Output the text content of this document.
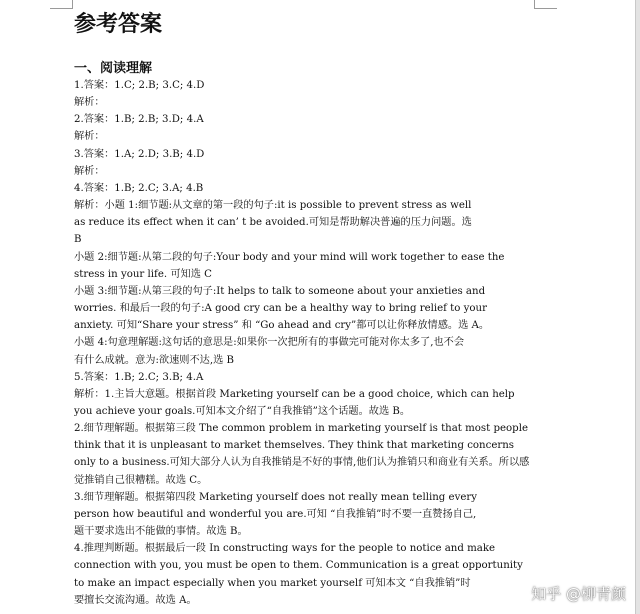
参考答案
一、阅读理解
1.答案：1.C; 2.B; 3.C; 4.D
解析：
2.答案：1.B; 2.B; 3.D; 4.A
解析：
3.答案：1.A; 2.D; 3.B; 4.D
解析：
4.答案：1.B; 2.C; 3.A; 4.B
解析：小题 1:细节题:从文章的第一段的句子:it is possible to prevent stress as well
as reduce its effect when it can’ t be avoided.可知是帮助解决普遍的压力问题。选
B
小题 2:细节题:从第二段的句子:Your body and your mind will work together to ease the
stress in your life. 可知选 C
小题 3:细节题:从第三段的句子:It helps to talk to someone about your anxieties and
worries. 和最后一段的句子:A good cry can be a healthy way to bring relief to your
anxiety. 可知“Share your stress” 和 “Go ahead and cry”都可以让你释放情感。选 A。
小题 4:句意理解题:这句话的意思是:如果你一次把所有的事做完可能对你太多了,也不会
有什么成就。意为:欲速则不达,选 B
5.答案：1.B; 2.C; 3.B; 4.A
解析：1.主旨大意题。根据首段 Marketing yourself can be a good choice, which can help
you achieve your goals.可知本文介绍了“自我推销”这个话题。故选 B。
2.细节理解题。根据第三段 The common problem in marketing yourself is that most people
think that it is unpleasant to market themselves. They think that marketing concerns
only to a business.可知大部分人认为自我推销是不好的事情,他们认为推销只和商业有关系。所以感觉推销自己很糟糕。故选 C。
3.细节理解题。根据第四段 Marketing yourself does not really mean telling every
person how beautiful and wonderful you are.可知 “自我推销”时不要一直赞扬自己,
题干要求选出不能做的事情。故选 B。
4.推理判断题。根据最后一段 In constructing ways for the people to notice and make
connection with you, you must be open to them. Communication is a great opportunity
to make an impact especially when you market yourself 可知本文 “自我推销”时
要擅长交流沟通。故选 A。	知乎 @柳青颜
